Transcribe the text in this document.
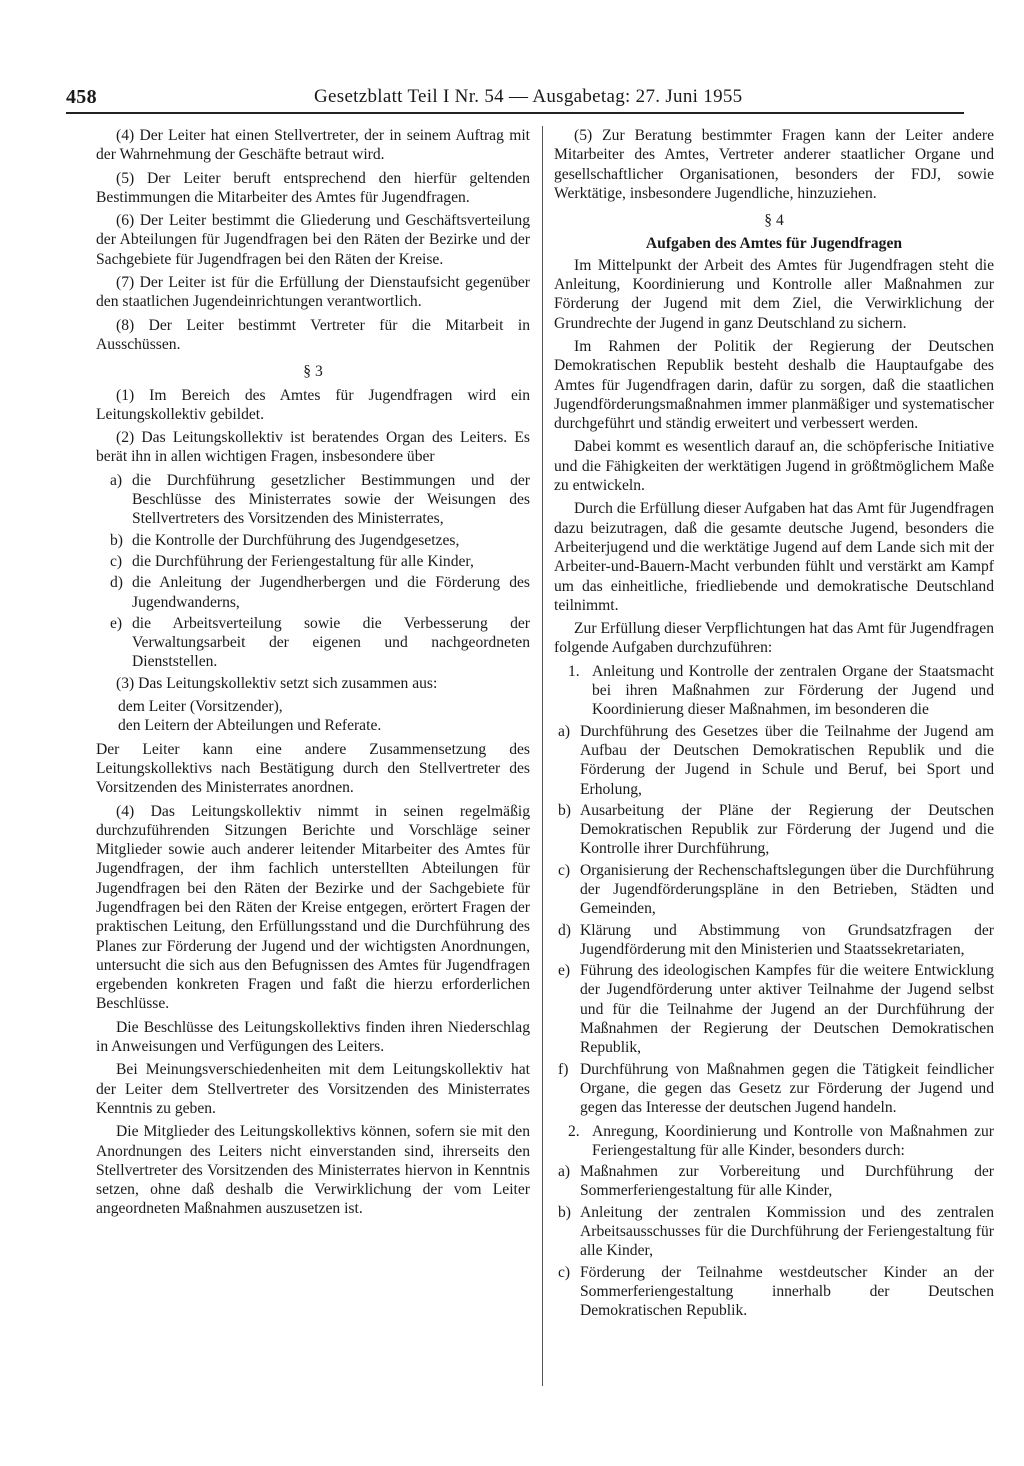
458	Gesetzblatt Teil I Nr. 54 — Ausgabetag: 27. Juni 1955

(4) Der Leiter hat einen Stellvertreter, der in seinem Auftrag mit der Wahrnehmung der Geschäfte betraut wird.

(5) Der Leiter beruft entsprechend den hierfür geltenden Bestimmungen die Mitarbeiter des Amtes für Jugendfragen.

(6) Der Leiter bestimmt die Gliederung und Geschäftsverteilung der Abteilungen für Jugendfragen bei den Räten der Bezirke und der Sachgebiete für Jugendfragen bei den Räten der Kreise.

(7) Der Leiter ist für die Erfüllung der Dienstaufsicht gegenüber den staatlichen Jugendeinrichtungen verantwortlich.

(8) Der Leiter bestimmt Vertreter für die Mitarbeit in Ausschüssen.

§ 3

(1) Im Bereich des Amtes für Jugendfragen wird ein Leitungskollektiv gebildet.

(2) Das Leitungskollektiv ist beratendes Organ des Leiters. Es berät ihn in allen wichtigen Fragen, insbesondere über

a) die Durchführung gesetzlicher Bestimmungen und der Beschlüsse des Ministerrates sowie der Weisungen des Stellvertreters des Vorsitzenden des Ministerrates,
b) die Kontrolle der Durchführung des Jugendgesetzes,
c) die Durchführung der Feriengestaltung für alle Kinder,
d) die Anleitung der Jugendherbergen und die Förderung des Jugendwanderns,
e) die Arbeitsverteilung sowie die Verbesserung der Verwaltungsarbeit der eigenen und nachgeordneten Dienststellen.

(3) Das Leitungskollektiv setzt sich zusammen aus:

dem Leiter (Vorsitzender),
den Leitern der Abteilungen und Referate.

Der Leiter kann eine andere Zusammensetzung des Leitungskollektivs nach Bestätigung durch den Stellvertreter des Vorsitzenden des Ministerrates anordnen.

(4) Das Leitungskollektiv nimmt in seinen regelmäßig durchzuführenden Sitzungen Berichte und Vorschläge seiner Mitglieder sowie auch anderer leitender Mitarbeiter des Amtes für Jugendfragen, der ihm fachlich unterstellten Abteilungen für Jugendfragen bei den Räten der Bezirke und der Sachgebiete für Jugendfragen bei den Räten der Kreise entgegen, erörtert Fragen der praktischen Leitung, den Erfüllungsstand und die Durchführung des Planes zur Förderung der Jugend und der wichtigsten Anordnungen, untersucht die sich aus den Befugnissen des Amtes für Jugendfragen ergebenden konkreten Fragen und faßt die hierzu erforderlichen Beschlüsse.

Die Beschlüsse des Leitungskollektivs finden ihren Niederschlag in Anweisungen und Verfügungen des Leiters.

Bei Meinungsverschiedenheiten mit dem Leitungskollektiv hat der Leiter dem Stellvertreter des Vorsitzenden des Ministerrates Kenntnis zu geben.

Die Mitglieder des Leitungskollektivs können, sofern sie mit den Anordnungen des Leiters nicht einverstanden sind, ihrerseits den Stellvertreter des Vorsitzenden des Ministerrates hiervon in Kenntnis setzen, ohne daß deshalb die Verwirklichung der vom Leiter angeordneten Maßnahmen auszusetzen ist.

(5) Zur Beratung bestimmter Fragen kann der Leiter andere Mitarbeiter des Amtes, Vertreter anderer staatlicher Organe und gesellschaftlicher Organisationen, besonders der FDJ, sowie Werktätige, insbesondere Jugendliche, hinzuziehen.

§ 4
Aufgaben des Amtes für Jugendfragen

Im Mittelpunkt der Arbeit des Amtes für Jugendfragen steht die Anleitung, Koordinierung und Kontrolle aller Maßnahmen zur Förderung der Jugend mit dem Ziel, die Verwirklichung der Grundrechte der Jugend in ganz Deutschland zu sichern.

Im Rahmen der Politik der Regierung der Deutschen Demokratischen Republik besteht deshalb die Hauptaufgabe des Amtes für Jugendfragen darin, dafür zu sorgen, daß die staatlichen Jugendförderungsmaßnahmen immer planmäßiger und systematischer durchgeführt und ständig erweitert und verbessert werden.

Dabei kommt es wesentlich darauf an, die schöpferische Initiative und die Fähigkeiten der werktätigen Jugend in größtmöglichem Maße zu entwickeln.

Durch die Erfüllung dieser Aufgaben hat das Amt für Jugendfragen dazu beizutragen, daß die gesamte deutsche Jugend, besonders die Arbeiterjugend und die werktätige Jugend auf dem Lande sich mit der Arbeiter-und-Bauern-Macht verbunden fühlt und verstärkt am Kampf um das einheitliche, friedliebende und demokratische Deutschland teilnimmt.

Zur Erfüllung dieser Verpflichtungen hat das Amt für Jugendfragen folgende Aufgaben durchzuführen:

1. Anleitung und Kontrolle der zentralen Organe der Staatsmacht bei ihren Maßnahmen zur Förderung der Jugend und Koordinierung dieser Maßnahmen, im besonderen die
a) Durchführung des Gesetzes über die Teilnahme der Jugend am Aufbau der Deutschen Demokratischen Republik und die Förderung der Jugend in Schule und Beruf, bei Sport und Erholung,
b) Ausarbeitung der Pläne der Regierung der Deutschen Demokratischen Republik zur Förderung der Jugend und die Kontrolle ihrer Durchführung,
c) Organisierung der Rechenschaftslegungen über die Durchführung der Jugendförderungspläne in den Betrieben, Städten und Gemeinden,
d) Klärung und Abstimmung von Grundsatzfragen der Jugendförderung mit den Ministerien und Staatssekretariaten,
e) Führung des ideologischen Kampfes für die weitere Entwicklung der Jugendförderung unter aktiver Teilnahme der Jugend selbst und für die Teilnahme der Jugend an der Durchführung der Maßnahmen der Regierung der Deutschen Demokratischen Republik,
f) Durchführung von Maßnahmen gegen die Tätigkeit feindlicher Organe, die gegen das Gesetz zur Förderung der Jugend und gegen das Interesse der deutschen Jugend handeln.
2. Anregung, Koordinierung und Kontrolle von Maßnahmen zur Feriengestaltung für alle Kinder, besonders durch:
a) Maßnahmen zur Vorbereitung und Durchführung der Sommerferiengestaltung für alle Kinder,
b) Anleitung der zentralen Kommission und des zentralen Arbeitsausschusses für die Durchführung der Feriengestaltung für alle Kinder,
c) Förderung der Teilnahme westdeutscher Kinder an der Sommerferiengestaltung innerhalb der Deutschen Demokratischen Republik.
